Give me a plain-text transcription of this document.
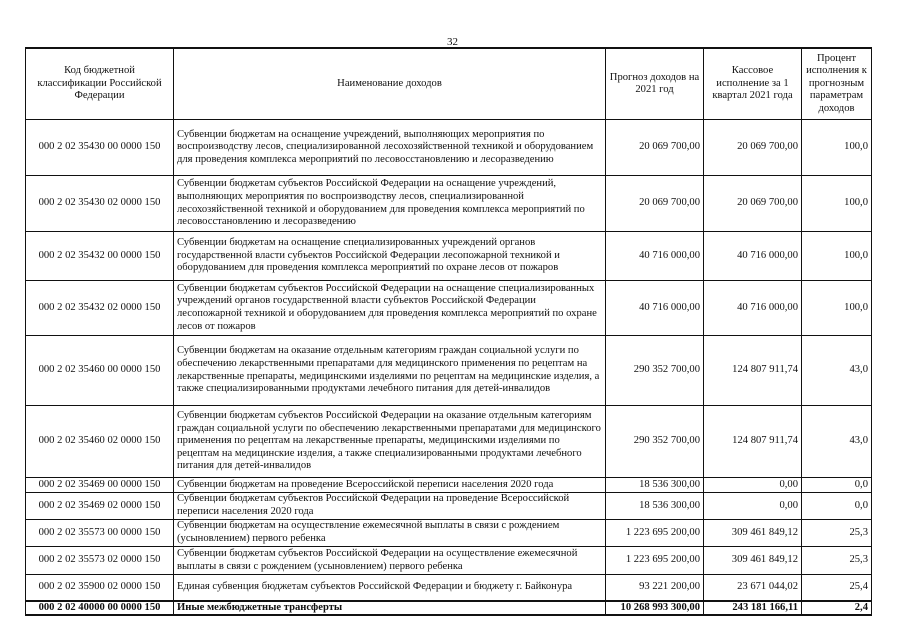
32
Код бюджетной классификации Российской Федерации	Наименование доходов	Прогноз доходов на 2021 год	Кассовое исполнение за 1 квартал 2021 года	Процент исполнения к прогнозным параметрам доходов
000 2 02 35430 00 0000 150	Субвенции бюджетам на оснащение учреждений, выполняющих мероприятия по воспроизводству лесов, специализированной лесохозяйственной техникой и оборудованием для проведения комплекса мероприятий по лесовосстановлению и лесоразведению	20 069 700,00	20 069 700,00	100,0
000 2 02 35430 02 0000 150	Субвенции бюджетам субъектов Российской Федерации на оснащение учреждений, выполняющих мероприятия по воспроизводству лесов, специализированной лесохозяйственной техникой и оборудованием для проведения комплекса мероприятий по лесовосстановлению и лесоразведению	20 069 700,00	20 069 700,00	100,0
000 2 02 35432 00 0000 150	Субвенции бюджетам на оснащение специализированных учреждений органов государственной власти субъектов Российской Федерации лесопожарной техникой и оборудованием для проведения комплекса мероприятий по охране лесов от пожаров	40 716 000,00	40 716 000,00	100,0
000 2 02 35432 02 0000 150	Субвенции бюджетам субъектов Российской Федерации на оснащение специализированных учреждений органов государственной власти субъектов Российской Федерации лесопожарной техникой и оборудованием для проведения комплекса мероприятий по охране лесов от пожаров	40 716 000,00	40 716 000,00	100,0
000 2 02 35460 00 0000 150	Субвенции бюджетам на оказание отдельным категориям граждан социальной услуги по обеспечению лекарственными препаратами для медицинского применения по рецептам на лекарственные препараты, медицинскими изделиями по рецептам на медицинские изделия, а также специализированными продуктами лечебного питания для детей-инвалидов	290 352 700,00	124 807 911,74	43,0
000 2 02 35460 02 0000 150	Субвенции бюджетам субъектов Российской Федерации на оказание отдельным категориям граждан социальной услуги по обеспечению лекарственными препаратами для медицинского применения по рецептам на лекарственные препараты, медицинскими изделиями по рецептам на медицинские изделия, а также специализированными продуктами лечебного питания для детей-инвалидов	290 352 700,00	124 807 911,74	43,0
000 2 02 35469 00 0000 150	Субвенции бюджетам на проведение Всероссийской переписи населения 2020 года	18 536 300,00	0,00	0,0
000 2 02 35469 02 0000 150	Субвенции бюджетам субъектов Российской Федерации на проведение Всероссийской переписи населения 2020 года	18 536 300,00	0,00	0,0
000 2 02 35573 00 0000 150	Субвенции бюджетам на осуществление ежемесячной выплаты в связи с рождением (усыновлением) первого ребенка	1 223 695 200,00	309 461 849,12	25,3
000 2 02 35573 02 0000 150	Субвенции бюджетам субъектов Российской Федерации на осуществление ежемесячной выплаты в связи с рождением (усыновлением) первого ребенка	1 223 695 200,00	309 461 849,12	25,3
000 2 02 35900 02 0000 150	Единая субвенция бюджетам субъектов Российской Федерации и бюджету г. Байконура	93 221 200,00	23 671 044,02	25,4
000 2 02 40000 00 0000 150	Иные межбюджетные трансферты	10 268 993 300,00	243 181 166,11	2,4
